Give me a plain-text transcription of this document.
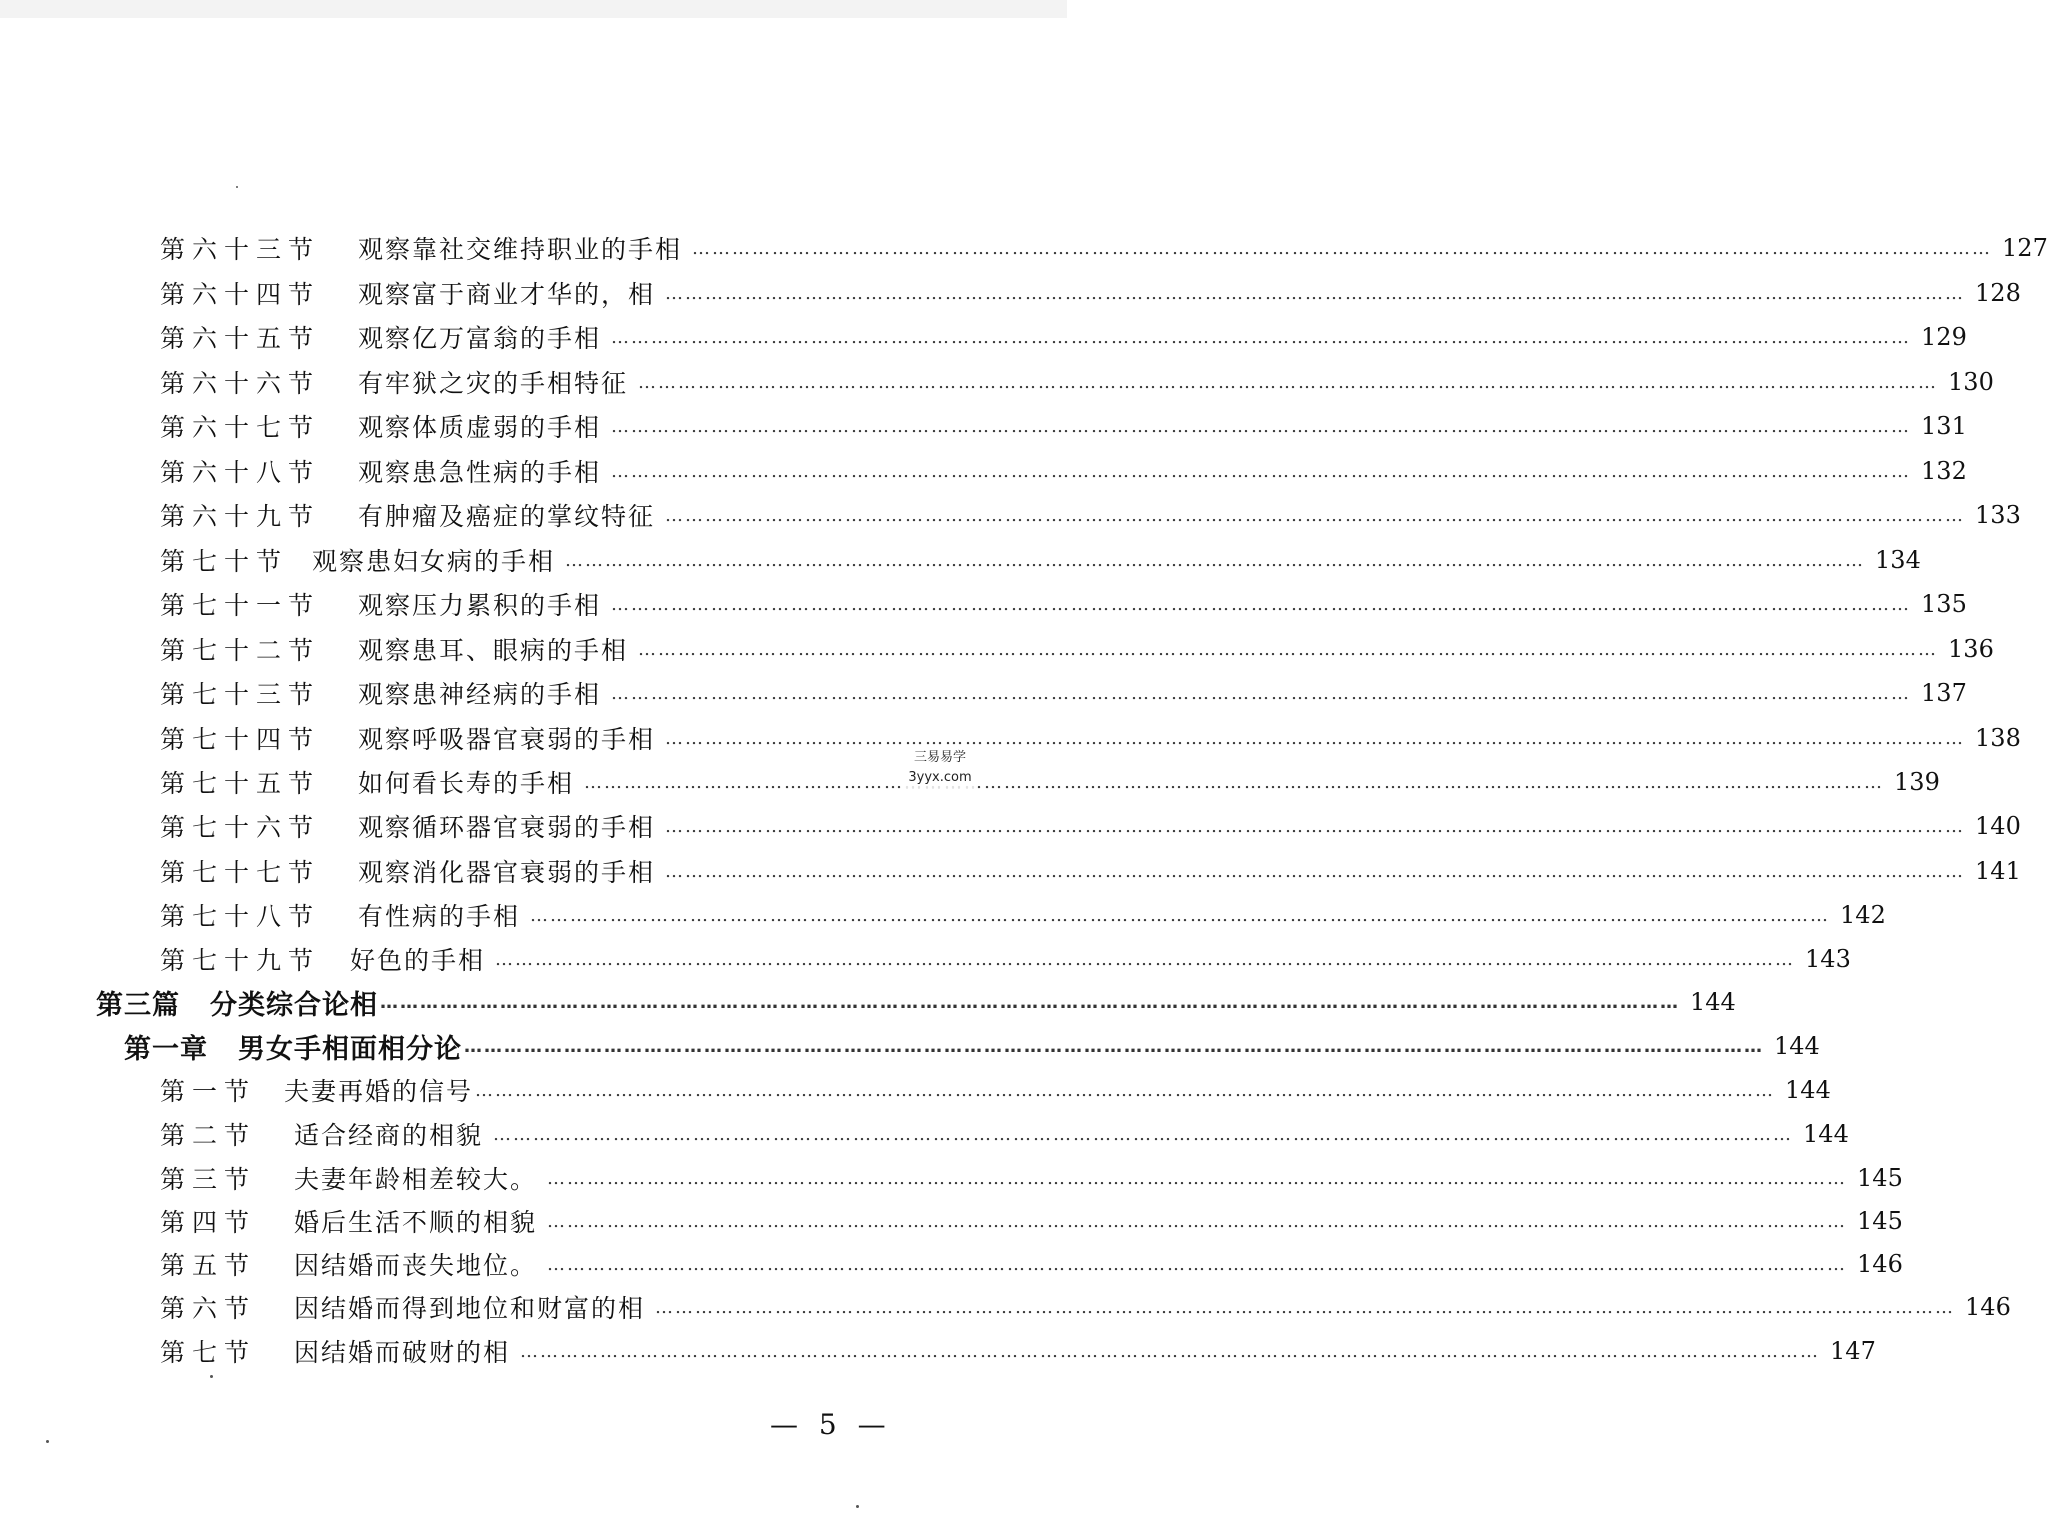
第六十三节 观察靠社交维持职业的手相 ……………………………………………………………………………………………………………………………………………………………………………	127
第六十四节 观察富于商业才华的，相 ……………………………………………………………………………………………………………………………………………………………………………	128
第六十五节 观察亿万富翁的手相 ……………………………………………………………………………………………………………………………………………………………………………	129
第六十六节 有牢狱之灾的手相特征 ……………………………………………………………………………………………………………………………………………………………………………	130
第六十七节 观察体质虚弱的手相 ……………………………………………………………………………………………………………………………………………………………………………	131
第六十八节 观察患急性病的手相 ……………………………………………………………………………………………………………………………………………………………………………	132
第六十九节 有肿瘤及癌症的掌纹特征 ……………………………………………………………………………………………………………………………………………………………………………	133
第七十节 观察患妇女病的手相 ……………………………………………………………………………………………………………………………………………………………………………	134
第七十一节 观察压力累积的手相 ……………………………………………………………………………………………………………………………………………………………………………	135
第七十二节 观察患耳、眼病的手相 ……………………………………………………………………………………………………………………………………………………………………………	136
第七十三节 观察患神经病的手相 ……………………………………………………………………………………………………………………………………………………………………………	137
第七十四节 观察呼吸器官衰弱的手相 ……………………………………………………………………………………………………………………………………………………………………………	138
第七十五节 如何看长寿的手相 ……………………………………………………………………………………………………………………………………………………………………………	139
第七十六节 观察循环器官衰弱的手相 ……………………………………………………………………………………………………………………………………………………………………………	140
第七十七节 观察消化器官衰弱的手相 ……………………………………………………………………………………………………………………………………………………………………………	141
第七十八节 有性病的手相 ……………………………………………………………………………………………………………………………………………………………………………	142
第七十九节 好色的手相 ……………………………………………………………………………………………………………………………………………………………………………	143
第三篇 分类综合论相 ……………………………………………………………………………………………………………………………………………………………………………	144
第一章 男女手相面相分论 ……………………………………………………………………………………………………………………………………………………………………………	144
第一节 夫妻再婚的信号 ……………………………………………………………………………………………………………………………………………………………………………	144
第二节 适合经商的相貌 ……………………………………………………………………………………………………………………………………………………………………………	144
第三节 夫妻年龄相差较大。 ……………………………………………………………………………………………………………………………………………………………………………	145
第四节 婚后生活不顺的相貌 ……………………………………………………………………………………………………………………………………………………………………………	145
第五节 因结婚而丧失地位。 ……………………………………………………………………………………………………………………………………………………………………………	146
第六节 因结婚而得到地位和财富的相 ……………………………………………………………………………………………………………………………………………………………………………	146
第七节 因结婚而破财的相 ……………………………………………………………………………………………………………………………………………………………………………	147
三易易学
3yyx.com
— 5 —
